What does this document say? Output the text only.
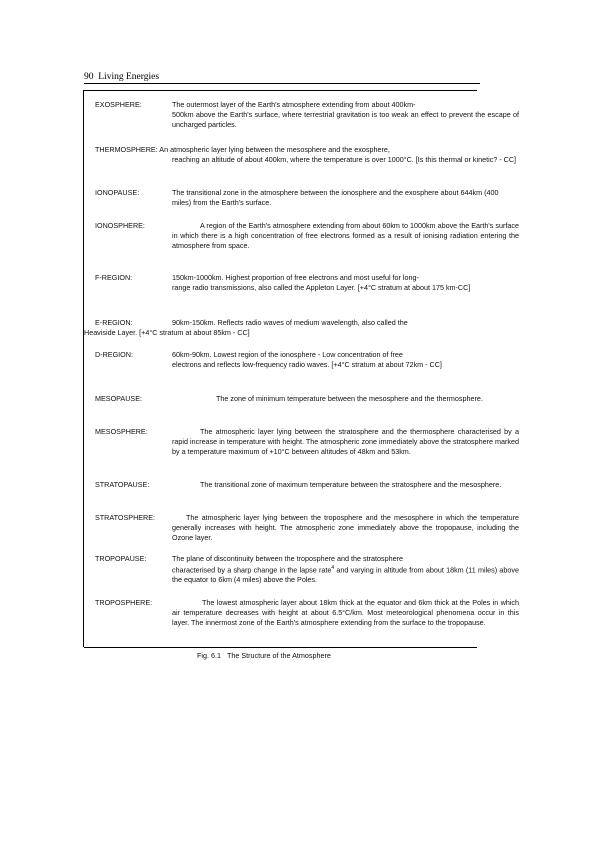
90 Living Energies
EXOSPHERE:	The outermost layer of the Earth's atmosphere extending from about 400km-
500km above the Earth's surface, where terrestrial gravitation is too weak an effect to prevent the escape of uncharged particles.
THERMOSPHERE: An atmospheric layer lying between the mesosphere and the exosphere,
reaching an altitude of about 400km, where the temperature is over 1000°C. [Is this thermal or kinetic? - CC]
IONOPAUSE:	The transitional zone in the atmosphere between the ionosphere and the exosphere about 644km (400 miles) from the Earth's surface.
IONOSPHERE:	A region of the Earth's atmosphere extending from about 60km to 1000km above the Earth's surface in which there is a high concentration of free electrons formed as a result of ionising radiation entering the atmosphere from space.
F-REGION:	150km-1000km. Highest proportion of free electrons and most useful for long-
range radio transmissions, also called the Appleton Layer. [+4°C stratum at about 175 km-CC]
E-REGION:	90km-150km. Reflects radio waves of medium wavelength, also called the
Heaviside Layer. [+4°C stratum at about 85km - CC]
D-REGION:	60km-90km. Lowest region of the ionosphere - Low concentration of free
electrons and reflects low-frequency radio waves. [+4°C stratum at about 72km - CC]
MESOPAUSE:	The zone of minimum temperature between the mesosphere and the thermosphere.
MESOSPHERE:	The atmospheric layer lying between the stratosphere and the thermosphere characterised by a rapid increase in temperature with height. The atmospheric zone immediately above the stratosphere marked by a temperature maximum of +10°C between altitudes of 48km and 53km.
STRATOPAUSE:	The transitional zone of maximum temperature between the stratosphere and the mesosphere.
STRATOSPHERE:	The atmospheric layer lying between the troposphere and the mesosphere in which the temperature generally increases with height. The atmospheric zone immediately above the tropopause, including the Ozone layer.
TROPOPAUSE:	The plane of discontinuity between the troposphere and the stratosphere
characterised by a sharp change in the lapse rate$^4$ and varying in altitude from about 18km (11 miles) above the equator to 6km (4 miles) above the Poles.
TROPOSPHERE:	The lowest atmospheric layer about 18km thick at the equator and 6km thick at the Poles in which air temperature decreases with height at about 6.5°C/km. Most meteorological phenomena occur in this layer. The innermost zone of the Earth's atmosphere extending from the surface to the tropopause.
Fig. 6.1 The Structure of the Atmosphere
